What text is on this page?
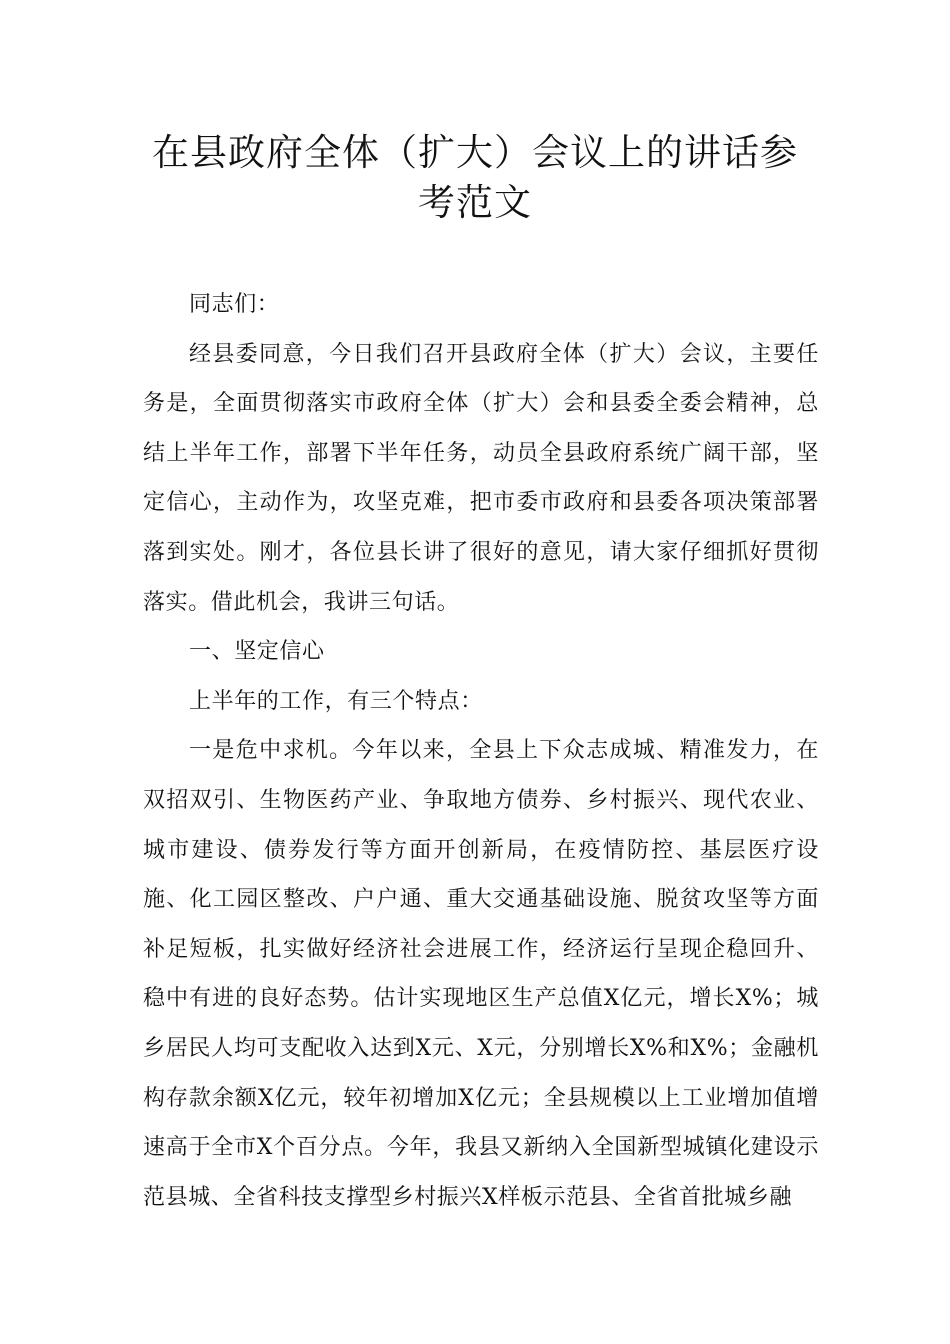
在县政府全体（扩大）会议上的讲话参
考范文

同志们：

经县委同意，今日我们召开县政府全体（扩大）会议，主要任务是，全面贯彻落实市政府全体（扩大）会和县委全委会精神，总结上半年工作，部署下半年任务，动员全县政府系统广阔干部，坚定信心，主动作为，攻坚克难，把市委市政府和县委各项决策部署落到实处。刚才，各位县长讲了很好的意见，请大家仔细抓好贯彻落实。借此机会，我讲三句话。

一、坚定信心

上半年的工作，有三个特点：

一是危中求机。今年以来，全县上下众志成城、精准发力，在双招双引、生物医药产业、争取地方债券、乡村振兴、现代农业、城市建设、债券发行等方面开创新局，在疫情防控、基层医疗设施、化工园区整改、户户通、重大交通基础设施、脱贫攻坚等方面补足短板，扎实做好经济社会进展工作，经济运行呈现企稳回升、稳中有进的良好态势。估计实现地区生产总值X亿元，增长X%；城乡居民人均可支配收入达到X元、X元，分别增长X%和X%；金融机构存款余额X亿元，较年初增加X亿元；全县规模以上工业增加值增速高于全市X个百分点。今年，我县又新纳入全国新型城镇化建设示范县城、全省科技支撑型乡村振兴X样板示范县、全省首批城乡融
